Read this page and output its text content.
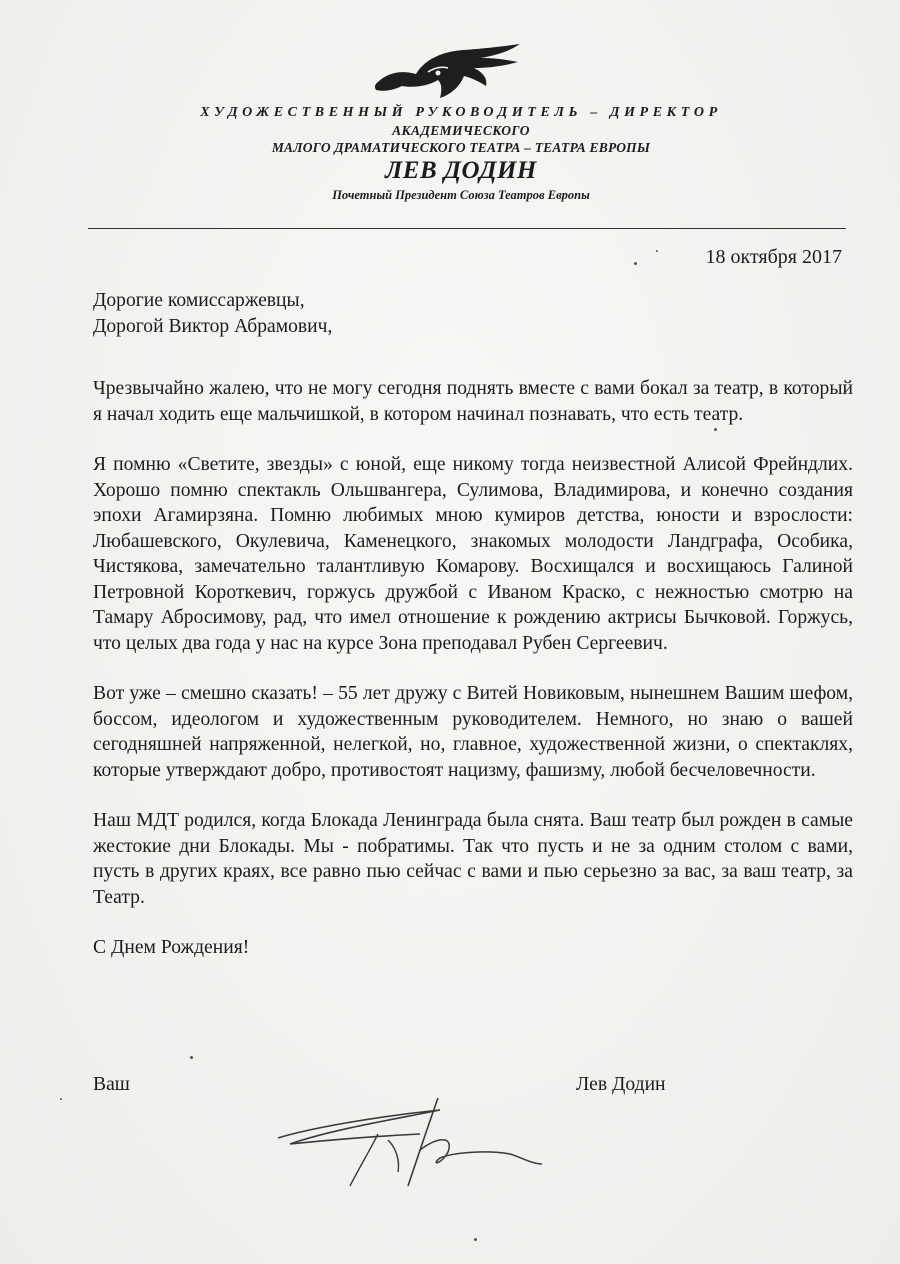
ХУДОЖЕСТВЕННЫЙ РУКОВОДИТЕЛЬ – ДИРЕКТОР
АКАДЕМИЧЕСКОГО
МАЛОГО ДРАМАТИЧЕСКОГО ТЕАТРА – ТЕАТРА ЕВРОПЫ
ЛЕВ ДОДИН
Почетный Президент Союза Театров Европы
18 октября 2017

Дорогие комиссаржевцы,

Дорогой Виктор Абрамович,

Чрезвычайно жалею, что не могу сегодня поднять вместе с вами бокал за театр, в который я начал ходить еще мальчишкой, в котором начинал познавать, что есть театр.

Я помню «Светите, звезды» с юной, еще никому тогда неизвестной Алисой Фрейндлих. Хорошо помню спектакль Ольшвангера, Сулимова, Владимирова, и конечно создания эпохи Агамирзяна. Помню любимых мною кумиров детства, юности и взрослости: Любашевского, Окулевича, Каменецкого, знакомых молодости Ландграфа, Особика, Чистякова, замечательно талантливую Комарову. Восхищался и восхищаюсь Галиной Петровной Короткевич, горжусь дружбой с Иваном Краско, с нежностью смотрю на Тамару Абросимову, рад, что имел отношение к рождению актрисы Бычковой. Горжусь, что целых два года у нас на курсе Зона преподавал Рубен Сергеевич.

Вот уже – смешно сказать! – 55 лет дружу с Витей Новиковым, нынешнем Вашим шефом, боссом, идеологом и художественным руководителем. Немного, но знаю о вашей сегодняшней напряженной, нелегкой, но, главное, художественной жизни, о спектаклях, которые утверждают добро, противостоят нацизму, фашизму, любой бесчеловечности.

Наш МДТ родился, когда Блокада Ленинграда была снята. Ваш театр был рожден в самые жестокие дни Блокады. Мы - побратимы. Так что пусть и не за одним столом с вами, пусть в других краях, все равно пью сейчас с вами и пью серьезно за вас, за ваш театр, за Театр.

С Днем Рождения!

Ваш	Лев Додин
